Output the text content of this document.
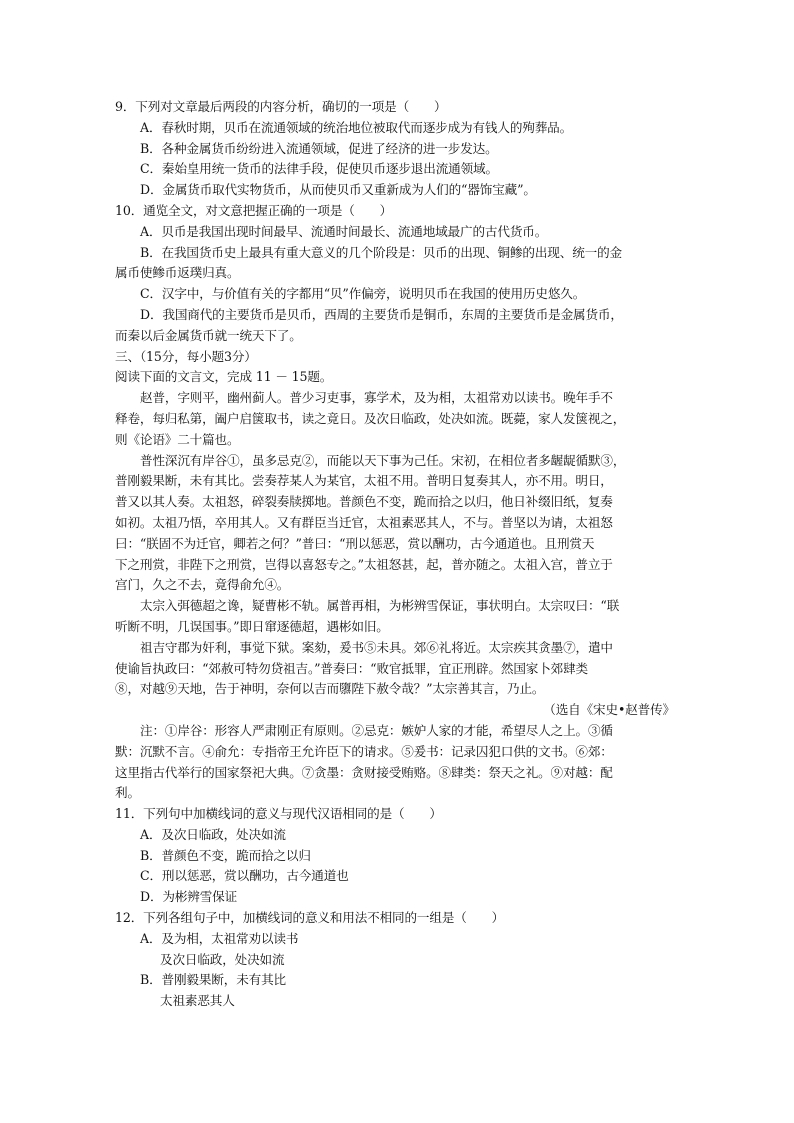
9．下列对文章最后两段的内容分析，确切的一项是（　　）
A．春秋时期，贝币在流通领域的统治地位被取代而逐步成为有钱人的殉葬品。
B．各种金属货币纷纷进入流通领域，促进了经济的进一步发达。
C．秦始皇用统一货币的法律手段，促使贝币逐步退出流通领域。
D．金属货币取代实物货币，从而使贝币又重新成为人们的“器饰宝藏”。
10．通览全文，对文意把握正确的一项是（　　）
A．贝币是我国出现时间最早、流通时间最长、流通地域最广的古代货币。
B．在我国货币史上最具有重大意义的几个阶段是：贝币的出现、铜鲹的出现、统一的金
属币使鲹币返璞归真。
C．汉字中，与价值有关的字都用“贝”作偏旁，说明贝币在我国的使用历史悠久。
D．我国商代的主要货币是贝币，西周的主要货币是铜币，东周的主要货币是金属货币，
而秦以后金属货币就一统天下了。
三、（15分，每小题3分）
阅读下面的文言文，完成 11 － 15题。
赵普，字则平，幽州蓟人。普少习吏事，寡学术，及为相，太祖常劝以读书。晚年手不
释卷，每归私第，阖户启箧取书，读之竟日。及次日临政，处决如流。既薨，家人发箧视之，
则《论语》二十篇也。
普性深沉有岸谷①，虽多忌克②，而能以天下事为己任。宋初，在相位者多龌龊循默③，
普刚毅果断，未有其比。尝奏荐某人为某官，太祖不用。普明日复奏其人，亦不用。明日，
普又以其人奏。太祖怒，碎裂奏牍掷地。普颜色不变，跪而拾之以归，他日补缀旧纸，复奏
如初。太祖乃悟，卒用其人。又有群臣当迁官，太祖素恶其人，不与。普坚以为请，太祖怒
曰：“朕固不为迁官，卿若之何？”普曰：“刑以惩恶，赏以酬功，古今通道也。且刑赏天
下之刑赏，非陛下之刑赏，岂得以喜怒专之。”太祖怒甚，起，普亦随之。太祖入宫，普立于
宫门，久之不去，竟得俞允④。
太宗入弭德超之谗，疑曹彬不轨。属普再相，为彬辨雪保证，事状明白。太宗叹曰：“联
听断不明，几误国事。”即日窜逐德超，遇彬如旧。
祖吉守郡为奸利，事觉下狱。案劾，爰书⑤未具。郊⑥礼将近。太宗疾其贪墨⑦，遣中
使谕旨执政曰：“郊赦可特勿贷祖吉。”普奏曰：“败官抵罪，宜正刑辟。然国家卜郊肆类
⑧，对越⑨天地，告于神明，奈何以吉而隳陛下赦令哉？”太宗善其言，乃止。
（选自《宋史•赵普传》
注：①岸谷：形容人严肃刚正有原则。②忌克：嫉妒人家的才能，希望尽人之上。③循
默：沉默不言。④俞允：专指帝王允许臣下的请求。⑤爰书：记录囚犯口供的文书。⑥郊：
这里指古代举行的国家祭祀大典。⑦贪墨：贪财接受贿赂。⑧肆类：祭天之礼。⑨对越：配
利。
11．下列句中加横线词的意义与现代汉语相同的是（　　）
A．及次日临政，处决如流
B．普颜色不变，跪而拾之以归
C．刑以惩恶，赏以酬功，古今通道也
D．为彬辨雪保证
12．下列各组句子中，加横线词的意义和用法不相同的一组是（　　）
A．及为相，太祖常劝以读书
及次日临政，处决如流
B．普刚毅果断，未有其比
太祖素恶其人
